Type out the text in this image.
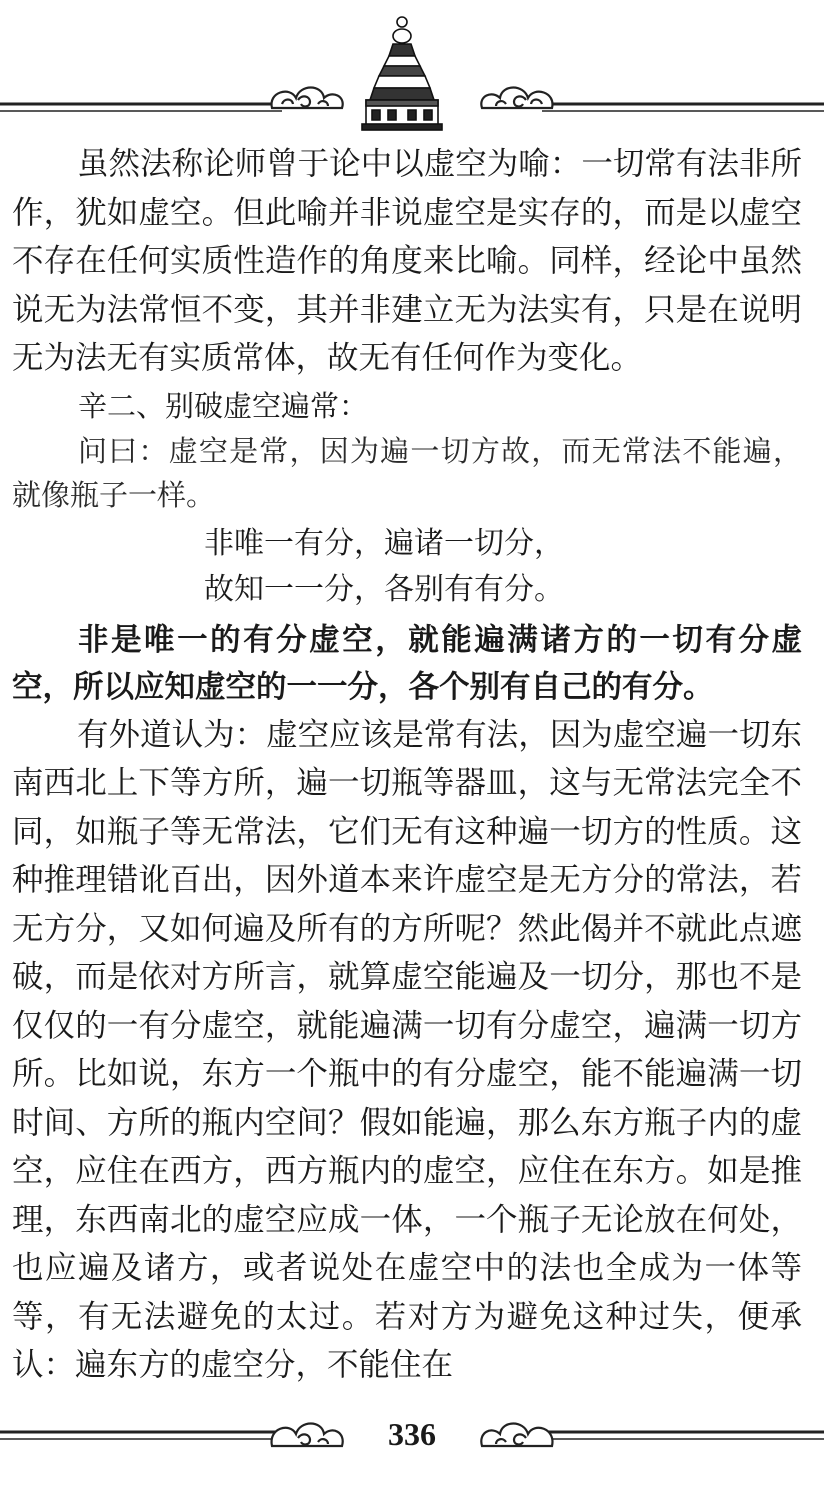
虽然法称论师曾于论中以虚空为喻：一切常有法非所作，犹如虚空。但此喻并非说虚空是实存的，而是以虚空不存在任何实质性造作的角度来比喻。同样，经论中虽然说无为法常恒不变，其并非建立无为法实有，只是在说明无为法无有实质常体，故无有任何作为变化。

辛二、别破虚空遍常：

问曰：虚空是常，因为遍一切方故，而无常法不能遍，就像瓶子一样。

非唯一有分，遍诸一切分，

故知一一分，各别有有分。

非是唯一的有分虚空，就能遍满诸方的一切有分虚空，所以应知虚空的一一分，各个别有自己的有分。

有外道认为：虚空应该是常有法，因为虚空遍一切东南西北上下等方所，遍一切瓶等器皿，这与无常法完全不同，如瓶子等无常法，它们无有这种遍一切方的性质。这种推理错讹百出，因外道本来许虚空是无方分的常法，若无方分，又如何遍及所有的方所呢？然此偈并不就此点遮破，而是依对方所言，就算虚空能遍及一切分，那也不是仅仅的一有分虚空，就能遍满一切有分虚空，遍满一切方所。比如说，东方一个瓶中的有分虚空，能不能遍满一切时间、方所的瓶内空间？假如能遍，那么东方瓶子内的虚空，应住在西方，西方瓶内的虚空，应住在东方。如是推理，东西南北的虚空应成一体，一个瓶子无论放在何处，也应遍及诸方，或者说处在虚空中的法也全成为一体等等，有无法避免的太过。若对方为避免这种过失，便承认：遍东方的虚空分，不能住在

336
